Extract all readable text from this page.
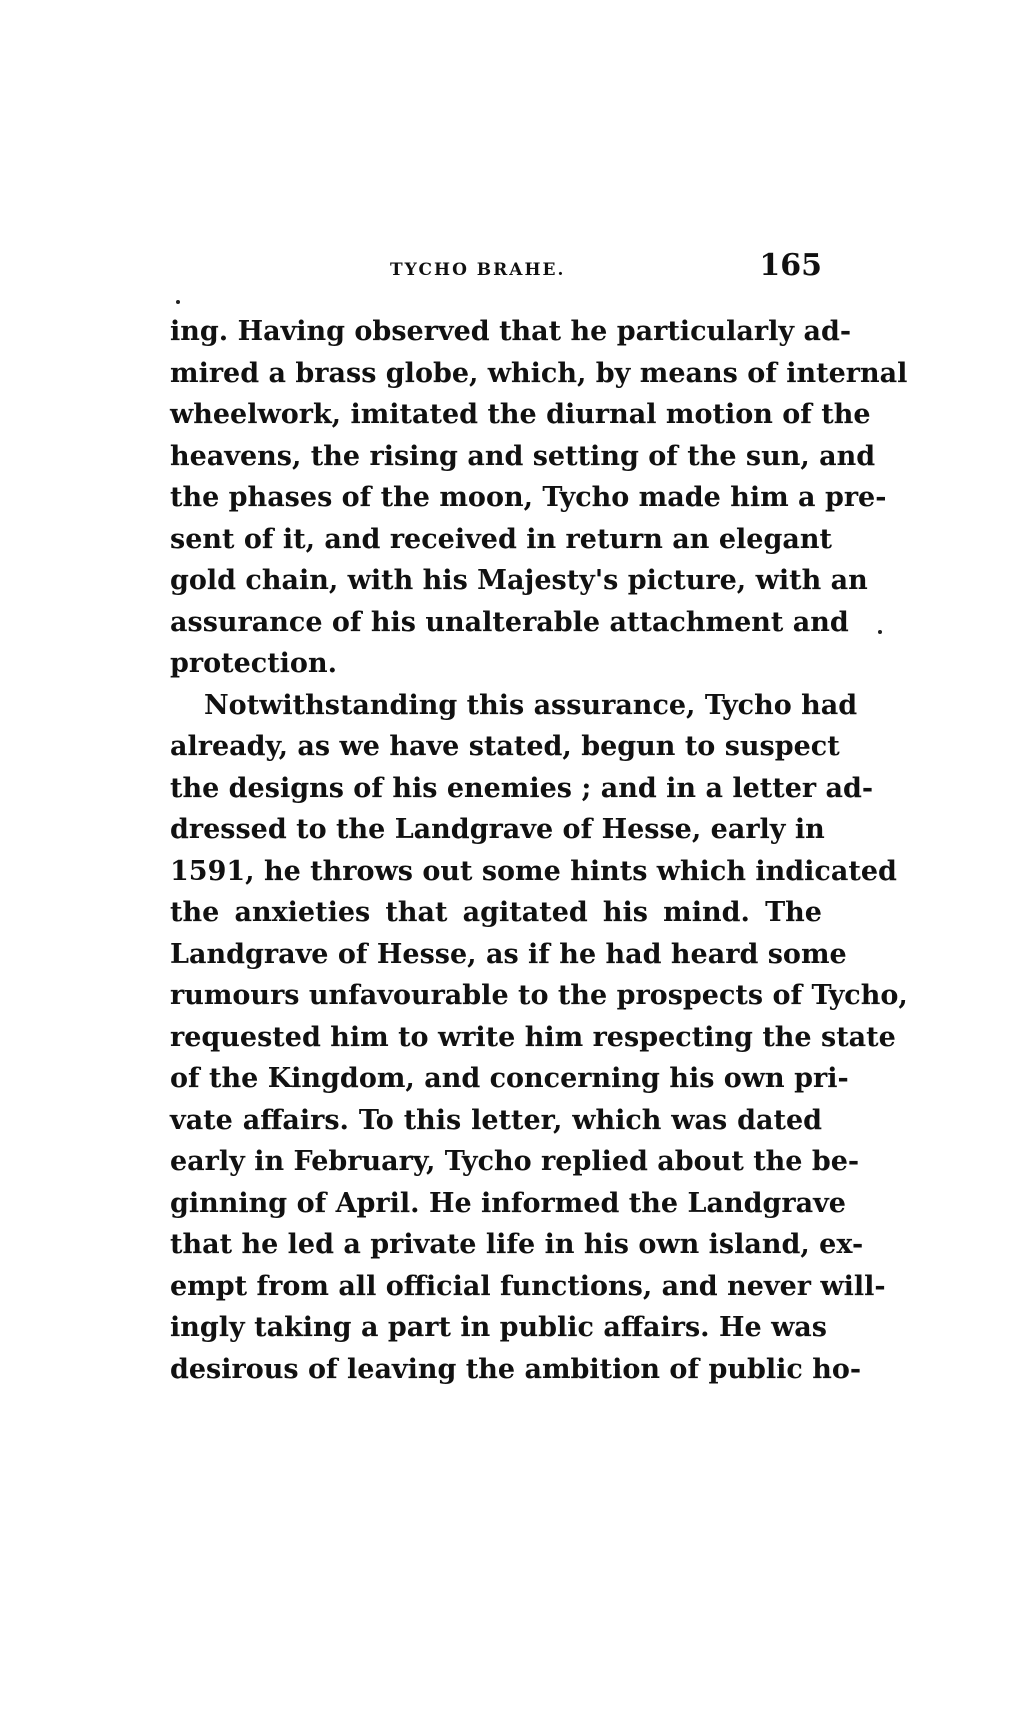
TYCHO BRAHE.	165
ing. Having observed that he particularly ad-
mired a brass globe, which, by means of internal
wheelwork, imitated the diurnal motion of the
heavens, the rising and setting of the sun, and
the phases of the moon, Tycho made him a pre-
sent of it, and received in return an elegant
gold chain, with his Majesty's picture, with an
assurance of his unalterable attachment and
protection.
Notwithstanding this assurance, Tycho had
already, as we have stated, begun to suspect
the designs of his enemies ; and in a letter ad-
dressed to the Landgrave of Hesse, early in
1591, he throws out some hints which indicated
the anxieties that agitated his mind. The
Landgrave of Hesse, as if he had heard some
rumours unfavourable to the prospects of Tycho,
requested him to write him respecting the state
of the Kingdom, and concerning his own pri-
vate affairs. To this letter, which was dated
early in February, Tycho replied about the be-
ginning of April. He informed the Landgrave
that he led a private life in his own island, ex-
empt from all official functions, and never will-
ingly taking a part in public affairs. He was
desirous of leaving the ambition of public ho-
